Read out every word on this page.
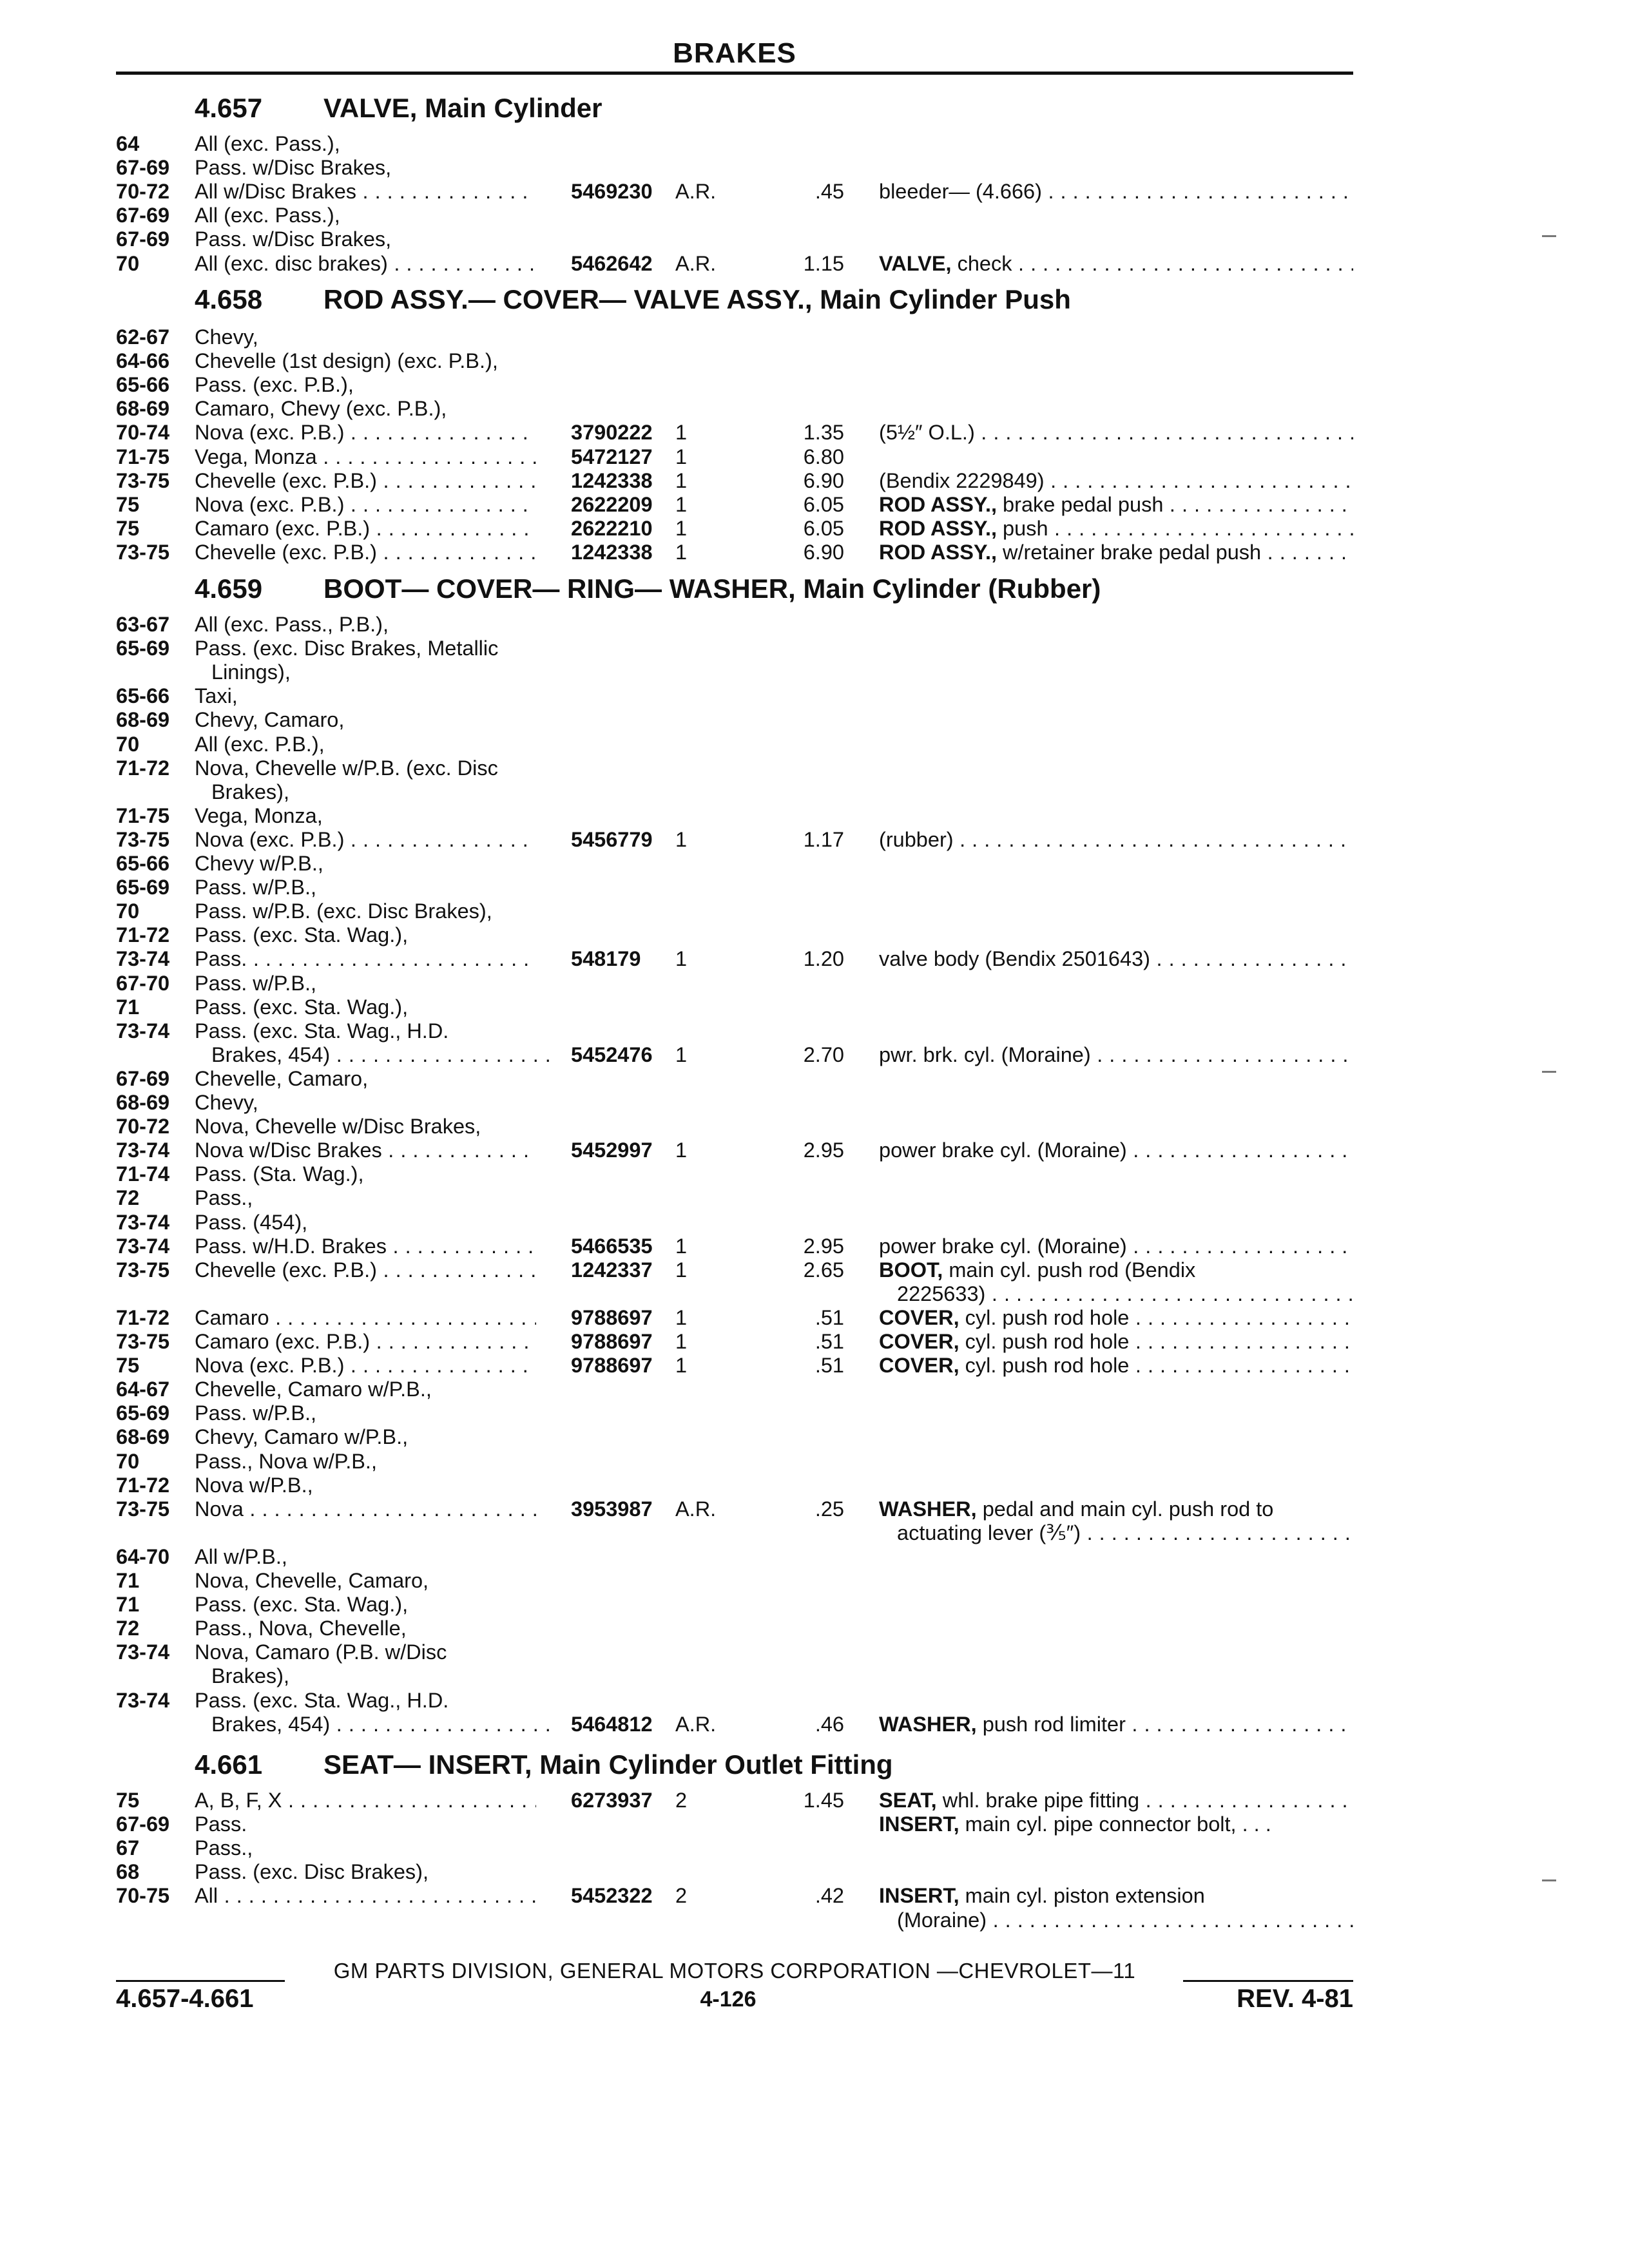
BRAKES
4.657 VALVE, Main Cylinder
64	All (exc. Pass.),
67-69 Pass. w/Disc Brakes,
70-72 All w/Disc Brakes . . .	5469230 A.R.	.45 bleeder— (4.666) . . .
67-69 All (exc. Pass.),
67-69 Pass. w/Disc Brakes,
70	All (exc. disc brakes) . . .	5462642 A.R.	1.15 VALVE, check . . .
4.658 ROD ASSY.— COVER— VALVE ASSY., Main Cylinder Push
62-67 Chevy,
64-66 Chevelle (1st design) (exc. P.B.),
65-66 Pass. (exc. P.B.),
68-69 Camaro, Chevy (exc. P.B.),
70-74 Nova (exc. P.B.) . . .	3790222 1	1.35 (5½″ O.L.) . . .
71-75 Vega, Monza . . .	5472127 1	6.80
73-75 Chevelle (exc. P.B.) . . .	1242338 1	6.90 (Bendix 2229849) . . .
75	Nova (exc. P.B.) . . .	2622209 1	6.05 ROD ASSY., brake pedal push . . .
75	Camaro (exc. P.B.) . . .	2622210 1	6.05 ROD ASSY., push . . .
73-75 Chevelle (exc. P.B.) . . .	1242338 1	6.90 ROD ASSY., w/retainer brake pedal push . . .
4.659 BOOT— COVER— RING— WASHER, Main Cylinder (Rubber)
63-67 All (exc. Pass., P.B.),
65-69 Pass. (exc. Disc Brakes, Metallic
Linings),
65-66 Taxi,
68-69 Chevy, Camaro,
70	All (exc. P.B.),
71-72 Nova, Chevelle w/P.B. (exc. Disc
Brakes),
71-75 Vega, Monza,
73-75 Nova (exc. P.B.) . . .	5456779 1	1.17 (rubber) . . .
65-66 Chevy w/P.B.,
65-69 Pass. w/P.B.,
70	Pass. w/P.B. (exc. Disc Brakes),
71-72 Pass. (exc. Sta. Wag.),
73-74 Pass. . . .	548179 1	1.20 valve body (Bendix 2501643) . . .
67-70 Pass. w/P.B.,
71	Pass. (exc. Sta. Wag.),
73-74 Pass. (exc. Sta. Wag., H.D.
Brakes, 454) . . .	5452476 1	2.70 pwr. brk. cyl. (Moraine) . . .
67-69 Chevelle, Camaro,
68-69 Chevy,
70-72 Nova, Chevelle w/Disc Brakes,
73-74 Nova w/Disc Brakes . . .	5452997 1	2.95 power brake cyl. (Moraine) . . .
71-74 Pass. (Sta. Wag.),
72	Pass.,
73-74 Pass. (454),
73-74 Pass. w/H.D. Brakes . . .	5466535 1	2.95 power brake cyl. (Moraine) . . .
73-75 Chevelle (exc. P.B.) . . .	1242337 1	2.65 BOOT, main cyl. push rod (Bendix
2225633) . . .
71-72 Camaro . . .	9788697 1	.51 COVER, cyl. push rod hole . . .
73-75 Camaro (exc. P.B.) . . .	9788697 1	.51 COVER, cyl. push rod hole . . .
75	Nova (exc. P.B.) . . .	9788697 1	.51 COVER, cyl. push rod hole . . .
64-67 Chevelle, Camaro w/P.B.,
65-69 Pass. w/P.B.,
68-69 Chevy, Camaro w/P.B.,
70	Pass., Nova w/P.B.,
71-72 Nova w/P.B.,
73-75 Nova . . .	3953987 A.R.	.25 WASHER, pedal and main cyl. push rod to
actuating lever (⅗″) . . .
64-70 All w/P.B.,
71	Nova, Chevelle, Camaro,
71	Pass. (exc. Sta. Wag.),
72	Pass., Nova, Chevelle,
73-74 Nova, Camaro (P.B. w/Disc
Brakes),
73-74 Pass. (exc. Sta. Wag., H.D.
Brakes, 454) . . .	5464812 A.R.	.46 WASHER, push rod limiter . . .
4.661 SEAT— INSERT, Main Cylinder Outlet Fitting
75	A, B, F, X . . .	6273937 2	1.45 SEAT, whl. brake pipe fitting . . .
67-69 Pass.	INSERT, main cyl. pipe connector bolt, . . .
67	Pass.,
68	Pass. (exc. Disc Brakes),
70-75 All . . .	5452322 2	.42 INSERT, main cyl. piston extension
(Moraine) . . .
GM PARTS DIVISION, GENERAL MOTORS CORPORATION —CHEVROLET—11
4.657-4.661	4-126	REV. 4-81
